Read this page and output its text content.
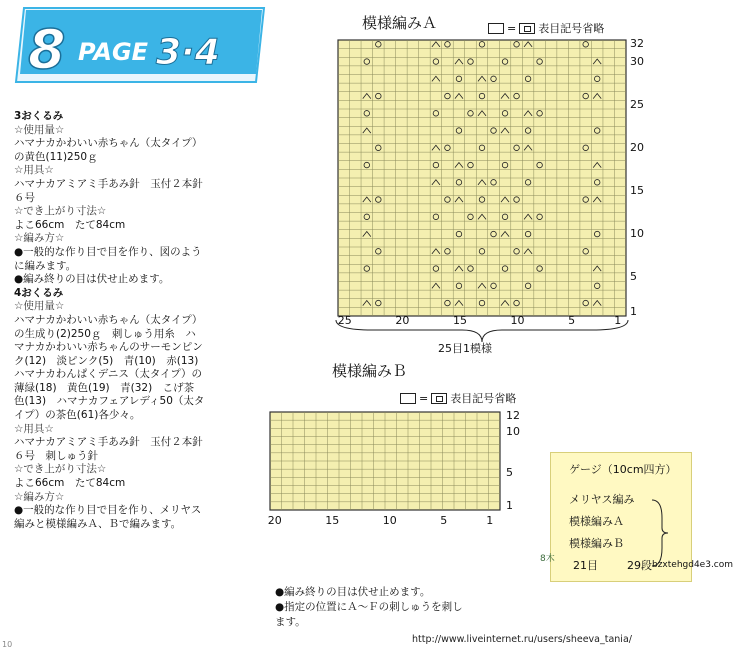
8 PAGE 3·4
3おくるみ
☆使用量☆
ハマナカかわいい赤ちゃん（太タイプ）
の黄色(11)250ｇ
☆用具☆
ハマナカアミアミ手あみ針　玉付２本針
６号
☆でき上がり寸法☆
よこ66cm　たて84cm
☆編み方☆
●一般的な作り目で目を作り、図のよう
に編みます。
●編み終りの目は伏せ止めます。
4おくるみ
☆使用量☆
ハマナカかわいい赤ちゃん（太タイプ）
の生成り(2)250ｇ　刺しゅう用糸　ハ
マナカかわいい赤ちゃんのサーモンピン
ク(12)　淡ピンク(5)　青(10)　赤(13)
ハマナカわんぱくデニス（太タイプ）の
薄緑(18)　黄色(19)　青(32)　こげ茶
色(13)　ハマナカフェアレディ50（太タ
イプ）の茶色(61)各少々。
☆用具☆
ハマナカアミアミ手あみ針　玉付２本針
６号　刺しゅう針
☆でき上がり寸法☆
よこ66cm　たて84cm
☆編み方☆
●一般的な作り目で目を作り、メリヤス
編みと模様編みＡ、Ｂで編みます。
模様編みＡ	= 表目記号省略
25	20	15	10	5	1
32
30
25
20
15
10
5
1
25目1模様
模様編みＢ
= 表目記号省略
20	15	10	5	1
12
10
5
1
ゲージ（10cm四方）
メリヤス編み
模様編みＡ
模様編みＢ
21目	29段
8木
bzxtehgd4e3.com
●編み終りの目は伏せ止めます。
●指定の位置にＡ～Ｆの刺しゅうを刺し
ます。
http://www.liveinternet.ru/users/sheeva_tania/
10
